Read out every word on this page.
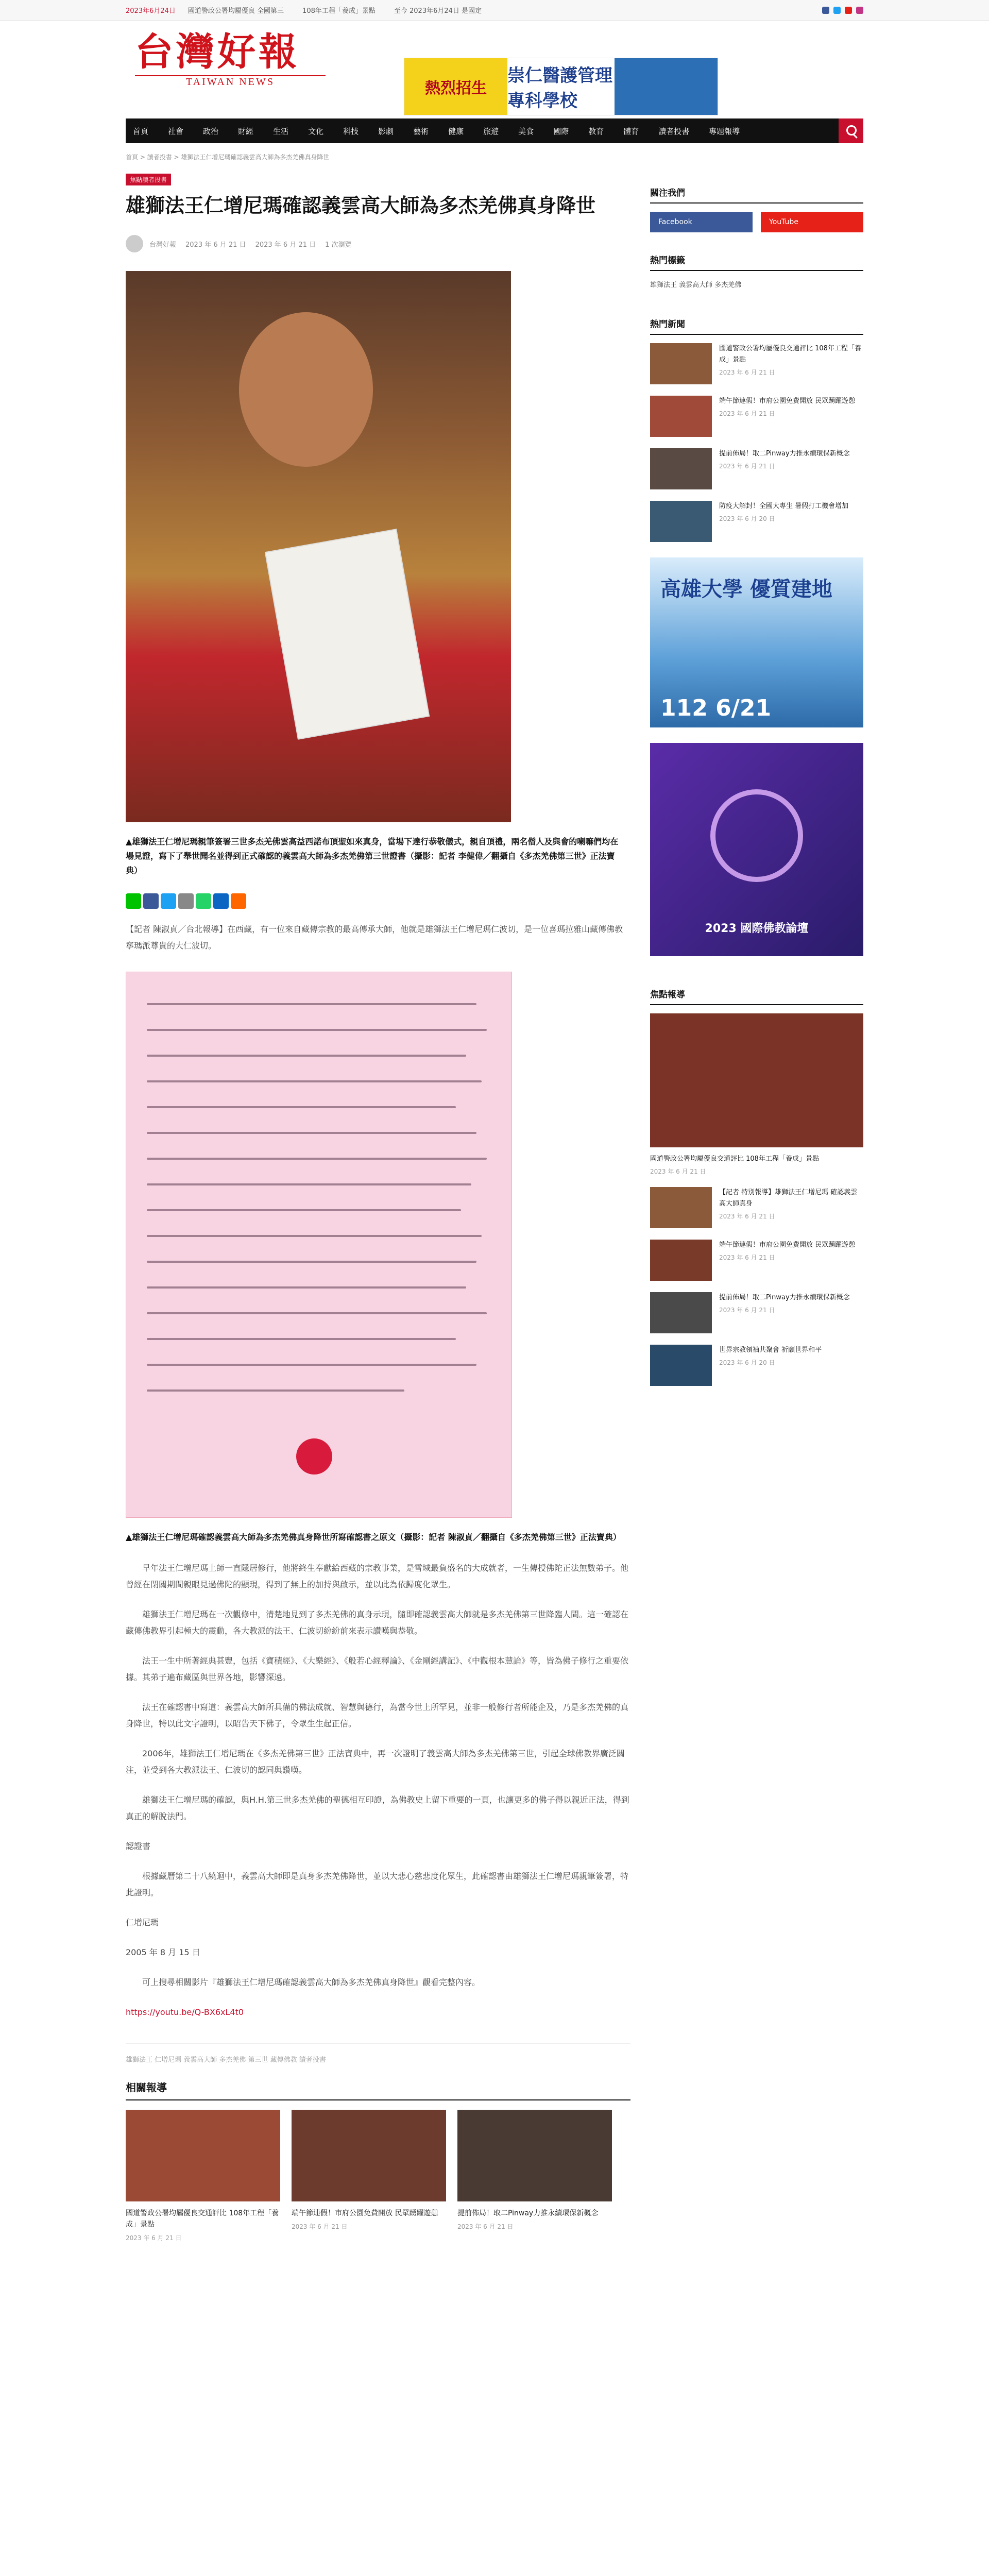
2023年6月24日 國道警政公署均屬優良 全國第三	108年工程「養成」景點	至今 2023年6月24日 是國定
台灣好報
TAIWAN NEWS	熱烈招生
崇仁醫護管理專科學校
首頁	社會	政治	財經	生活	文化	科技	影劇	藝術	健康	旅遊	美食	國際	教育	體育	讀者投書	專題報導
首頁 > 讀者投書 > 雄獅法王仁增尼瑪確認義雲高大師為多杰羌佛真身降世
焦點讀者投書
雄獅法王仁增尼瑪確認義雲高大師為多杰羌佛真身降世
台灣好報 2023 年 6 月 21 日 2023 年 6 月 21 日 1 次瀏覽
▲雄獅法王仁增尼瑪親筆簽署三世多杰羌佛雲高益西諾布頂聖如來真身，當場下達行恭敬儀式，親自頂禮，兩名僧人及與會的喇嘛們均在場見證，寫下了舉世聞名並得到正式確認的義雲高大師為多杰羌佛第三世證書（攝影：記者 李健偉／翻攝自《多杰羌佛第三世》正法寶典）
【記者 陳淑貞／台北報導】在西藏，有一位來自藏傳宗教的最高傳承大師，他就是雄獅法王仁增尼瑪仁波切，是一位喜瑪拉雅山藏傳佛教寧瑪派尊貴的大仁波切。
▲雄獅法王仁增尼瑪確認義雲高大師為多杰羌佛真身降世所寫確認書之原文（攝影：記者 陳淑貞／翻攝自《多杰羌佛第三世》正法寶典）

早年法王仁增尼瑪上師一直隱居修行，他將終生奉獻給西藏的宗教事業，是雪域最負盛名的大成就者，一生傳授佛陀正法無數弟子。他曾經在閉關期間親眼見過佛陀的顯現，得到了無上的加持與啟示，並以此為依歸度化眾生。

雄獅法王仁增尼瑪在一次觀修中，清楚地見到了多杰羌佛的真身示現，隨即確認義雲高大師就是多杰羌佛第三世降臨人間。這一確認在藏傳佛教界引起極大的震動，各大教派的法王、仁波切紛紛前來表示讚嘆與恭敬。

法王一生中所著經典甚豐，包括《寶積經》、《大樂經》、《般若心經釋論》、《金剛經講記》、《中觀根本慧論》等，皆為佛子修行之重要依據。其弟子遍布藏區與世界各地，影響深遠。

法王在確認書中寫道：義雲高大師所具備的佛法成就、智慧與德行，為當今世上所罕見，並非一般修行者所能企及，乃是多杰羌佛的真身降世，特以此文字證明，以昭告天下佛子，令眾生生起正信。

2006年，雄獅法王仁增尼瑪在《多杰羌佛第三世》正法寶典中，再一次證明了義雲高大師為多杰羌佛第三世，引起全球佛教界廣泛關注，並受到各大教派法王、仁波切的認同與讚嘆。

雄獅法王仁增尼瑪的確認，與H.H.第三世多杰羌佛的聖德相互印證，為佛教史上留下重要的一頁，也讓更多的佛子得以親近正法，得到真正的解脫法門。

認證書

根據藏曆第二十八繞迴中，義雲高大師即是真身多杰羌佛降世，並以大悲心慈悲度化眾生，此確認書由雄獅法王仁增尼瑪親筆簽署，特此證明。

仁增尼瑪

2005 年 8 月 15 日

可上搜尋相關影片『雄獅法王仁增尼瑪確認義雲高大師為多杰羌佛真身降世』觀看完整內容。

https://youtu.be/Q-BX6xL4t0

雄獅法王 仁增尼瑪 義雲高大師 多杰羌佛 第三世 藏傳佛教 讀者投書
相關報導
國道警政公署均屬優良交通評比 108年工程「養成」景點
2023 年 6 月 21 日
端午節連假！市府公園免費開放 民眾踴躍遊憩
2023 年 6 月 21 日
提前佈局！取二Pinway力推永續環保新概念
2023 年 6 月 21 日
關注我們
Facebook	YouTube
熱門標籤
雄獅法王 義雲高大師 多杰羌佛
熱門新聞
國道警政公署均屬優良交通評比 108年工程「養成」景點
2023 年 6 月 21 日
端午節連假！市府公園免費開放 民眾踴躍遊憩
2023 年 6 月 21 日
提前佈局！取二Pinway力推永續環保新概念
2023 年 6 月 21 日
防疫大解封！全國大專生 暑假打工機會增加
2023 年 6 月 20 日
高雄大學 優質建地
112 6/21
2023 國際佛教論壇
焦點報導
國道警政公署均屬優良交通評比 108年工程「養成」景點
2023 年 6 月 21 日
【記者 特別報導】雄獅法王仁增尼瑪 確認義雲高大師真身
2023 年 6 月 21 日
端午節連假！市府公園免費開放 民眾踴躍遊憩
2023 年 6 月 21 日
提前佈局！取二Pinway力推永續環保新概念
2023 年 6 月 21 日
世界宗教領袖共聚會 祈願世界和平
2023 年 6 月 20 日
